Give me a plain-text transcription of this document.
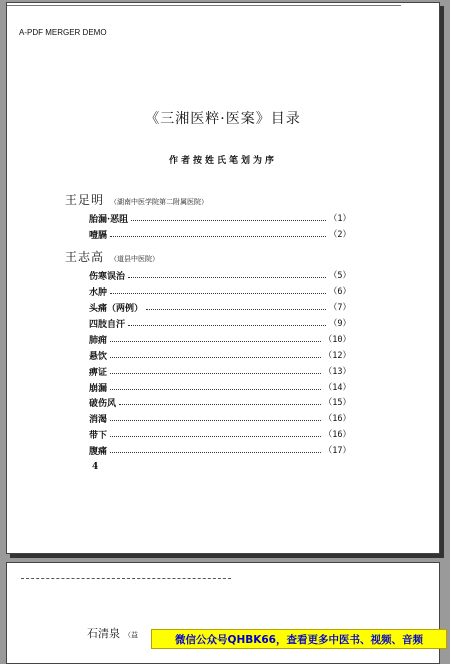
A-PDF MERGER DEMO
《三湘医粹·医案》目录
作者按姓氏笔划为序
王足明 （湖南中医学院第二附属医院）
胎漏·恶阻	（1）
噎膈	（2）
王志高 （道县中医院）
伤寒误治	（5）
水肿	（6）
头痛（两例）	（7）
四肢自汗	（9）
肺痈	（10）
悬饮	（12）
痹证	（13）
崩漏	（14）
破伤风	（15）
消渴	（16）
带下	（16）
腹痛	（17）
4
石清泉 （益	微信公众号QHBK66，查看更多中医书、视频、音频
